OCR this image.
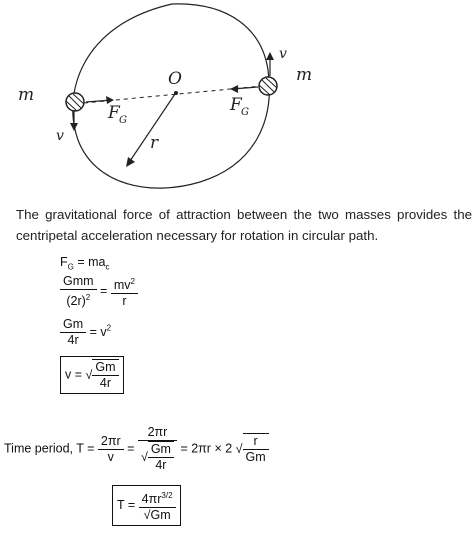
O
m
m
F G
F G
v
v
r
The gravitational force of attraction between the two masses provides the centripetal acceleration necessary for rotation in circular path.
$F_G = ma_c$
$\frac{\text{Gmm}}{(2r)^2} = \frac{mv^2}{r}$
$\frac{Gm}{4r} = v^2$
v = √ $\frac{Gm}{4r}$
Time period, $T = \frac{2\pi r}{v} = \frac{2\pi r}{√ \frac{Gm}{4r}} = 2\pi r \times 2$ √ $\frac{r}{Gm}$
$T = \frac{4\pi r^{3/2}}{√Gm}$
